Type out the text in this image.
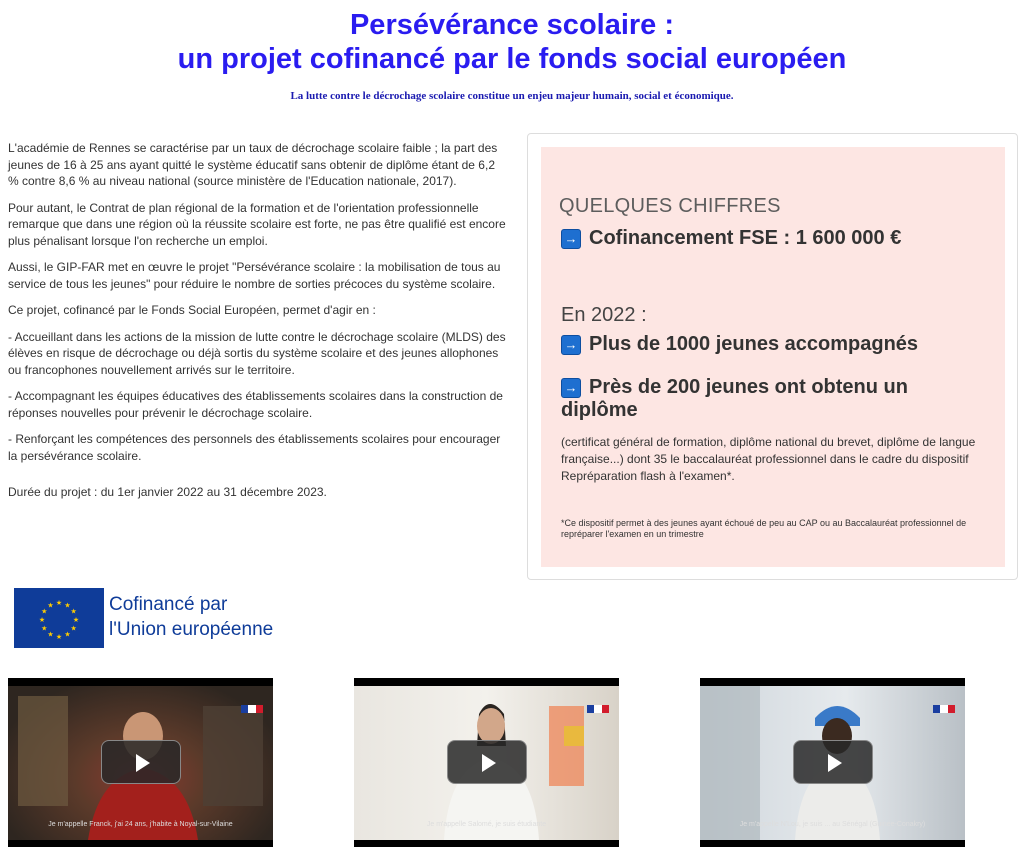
Persévérance scolaire :
un projet cofinancé par le fonds social européen
La lutte contre le décrochage scolaire constitue un enjeu majeur humain, social et économique.

L'académie de Rennes se caractérise par un taux de décrochage scolaire faible ; la part des jeunes de 16 à 25 ans ayant quitté le système éducatif sans obtenir de diplôme étant de 6,2 % contre 8,6 % au niveau national (source ministère de l'Education nationale, 2017).

Pour autant, le Contrat de plan régional de la formation et de l'orientation professionnelle remarque que dans une région où la réussite scolaire est forte, ne pas être qualifié est encore plus pénalisant lorsque l'on recherche un emploi.

Aussi, le GIP-FAR met en œuvre le projet "Persévérance scolaire : la mobilisation de tous au service de tous les jeunes" pour réduire le nombre de sorties précoces du système scolaire.

Ce projet, cofinancé par le Fonds Social Européen, permet d'agir en :

- Accueillant dans les actions de la mission de lutte contre le décrochage scolaire (MLDS) des élèves en risque de décrochage ou déjà sortis du système scolaire et des jeunes allophones ou francophones nouvellement arrivés sur le territoire.

- Accompagnant les équipes éducatives des établissements scolaires dans la construction de réponses nouvelles pour prévenir le décrochage scolaire.

- Renforçant les compétences des personnels des établissements scolaires pour encourager la persévérance scolaire.

Durée du projet : du 1er janvier 2022 au 31 décembre 2023.

QUELQUES CHIFFRES
→ Cofinancement FSE : 1 600 000 €
En 2022 :
→ Plus de 1000 jeunes accompagnés
→ Près de 200 jeunes ont obtenu un
diplôme
(certificat général de formation, diplôme national du brevet, diplôme de langue française...) dont 35 le baccalauréat professionnel dans le cadre du dispositif Repréparation flash à l'examen*.
*Ce dispositif permet à des jeunes ayant échoué de peu au CAP ou au Baccalauréat professionnel de repréparer l'examen en un trimestre
★ ★
★
★
★
★
★
★
★
★
★
★	Cofinancé par
l'Union européenne
Je m'appelle Franck, j'ai 24 ans, j'habite à Noyal-sur-Vilaine	Je m'appelle Salomé, je suis étudiante	Je m'appelle N'Lou, je suis ... au Sénégal (Guinée-Conakry)
